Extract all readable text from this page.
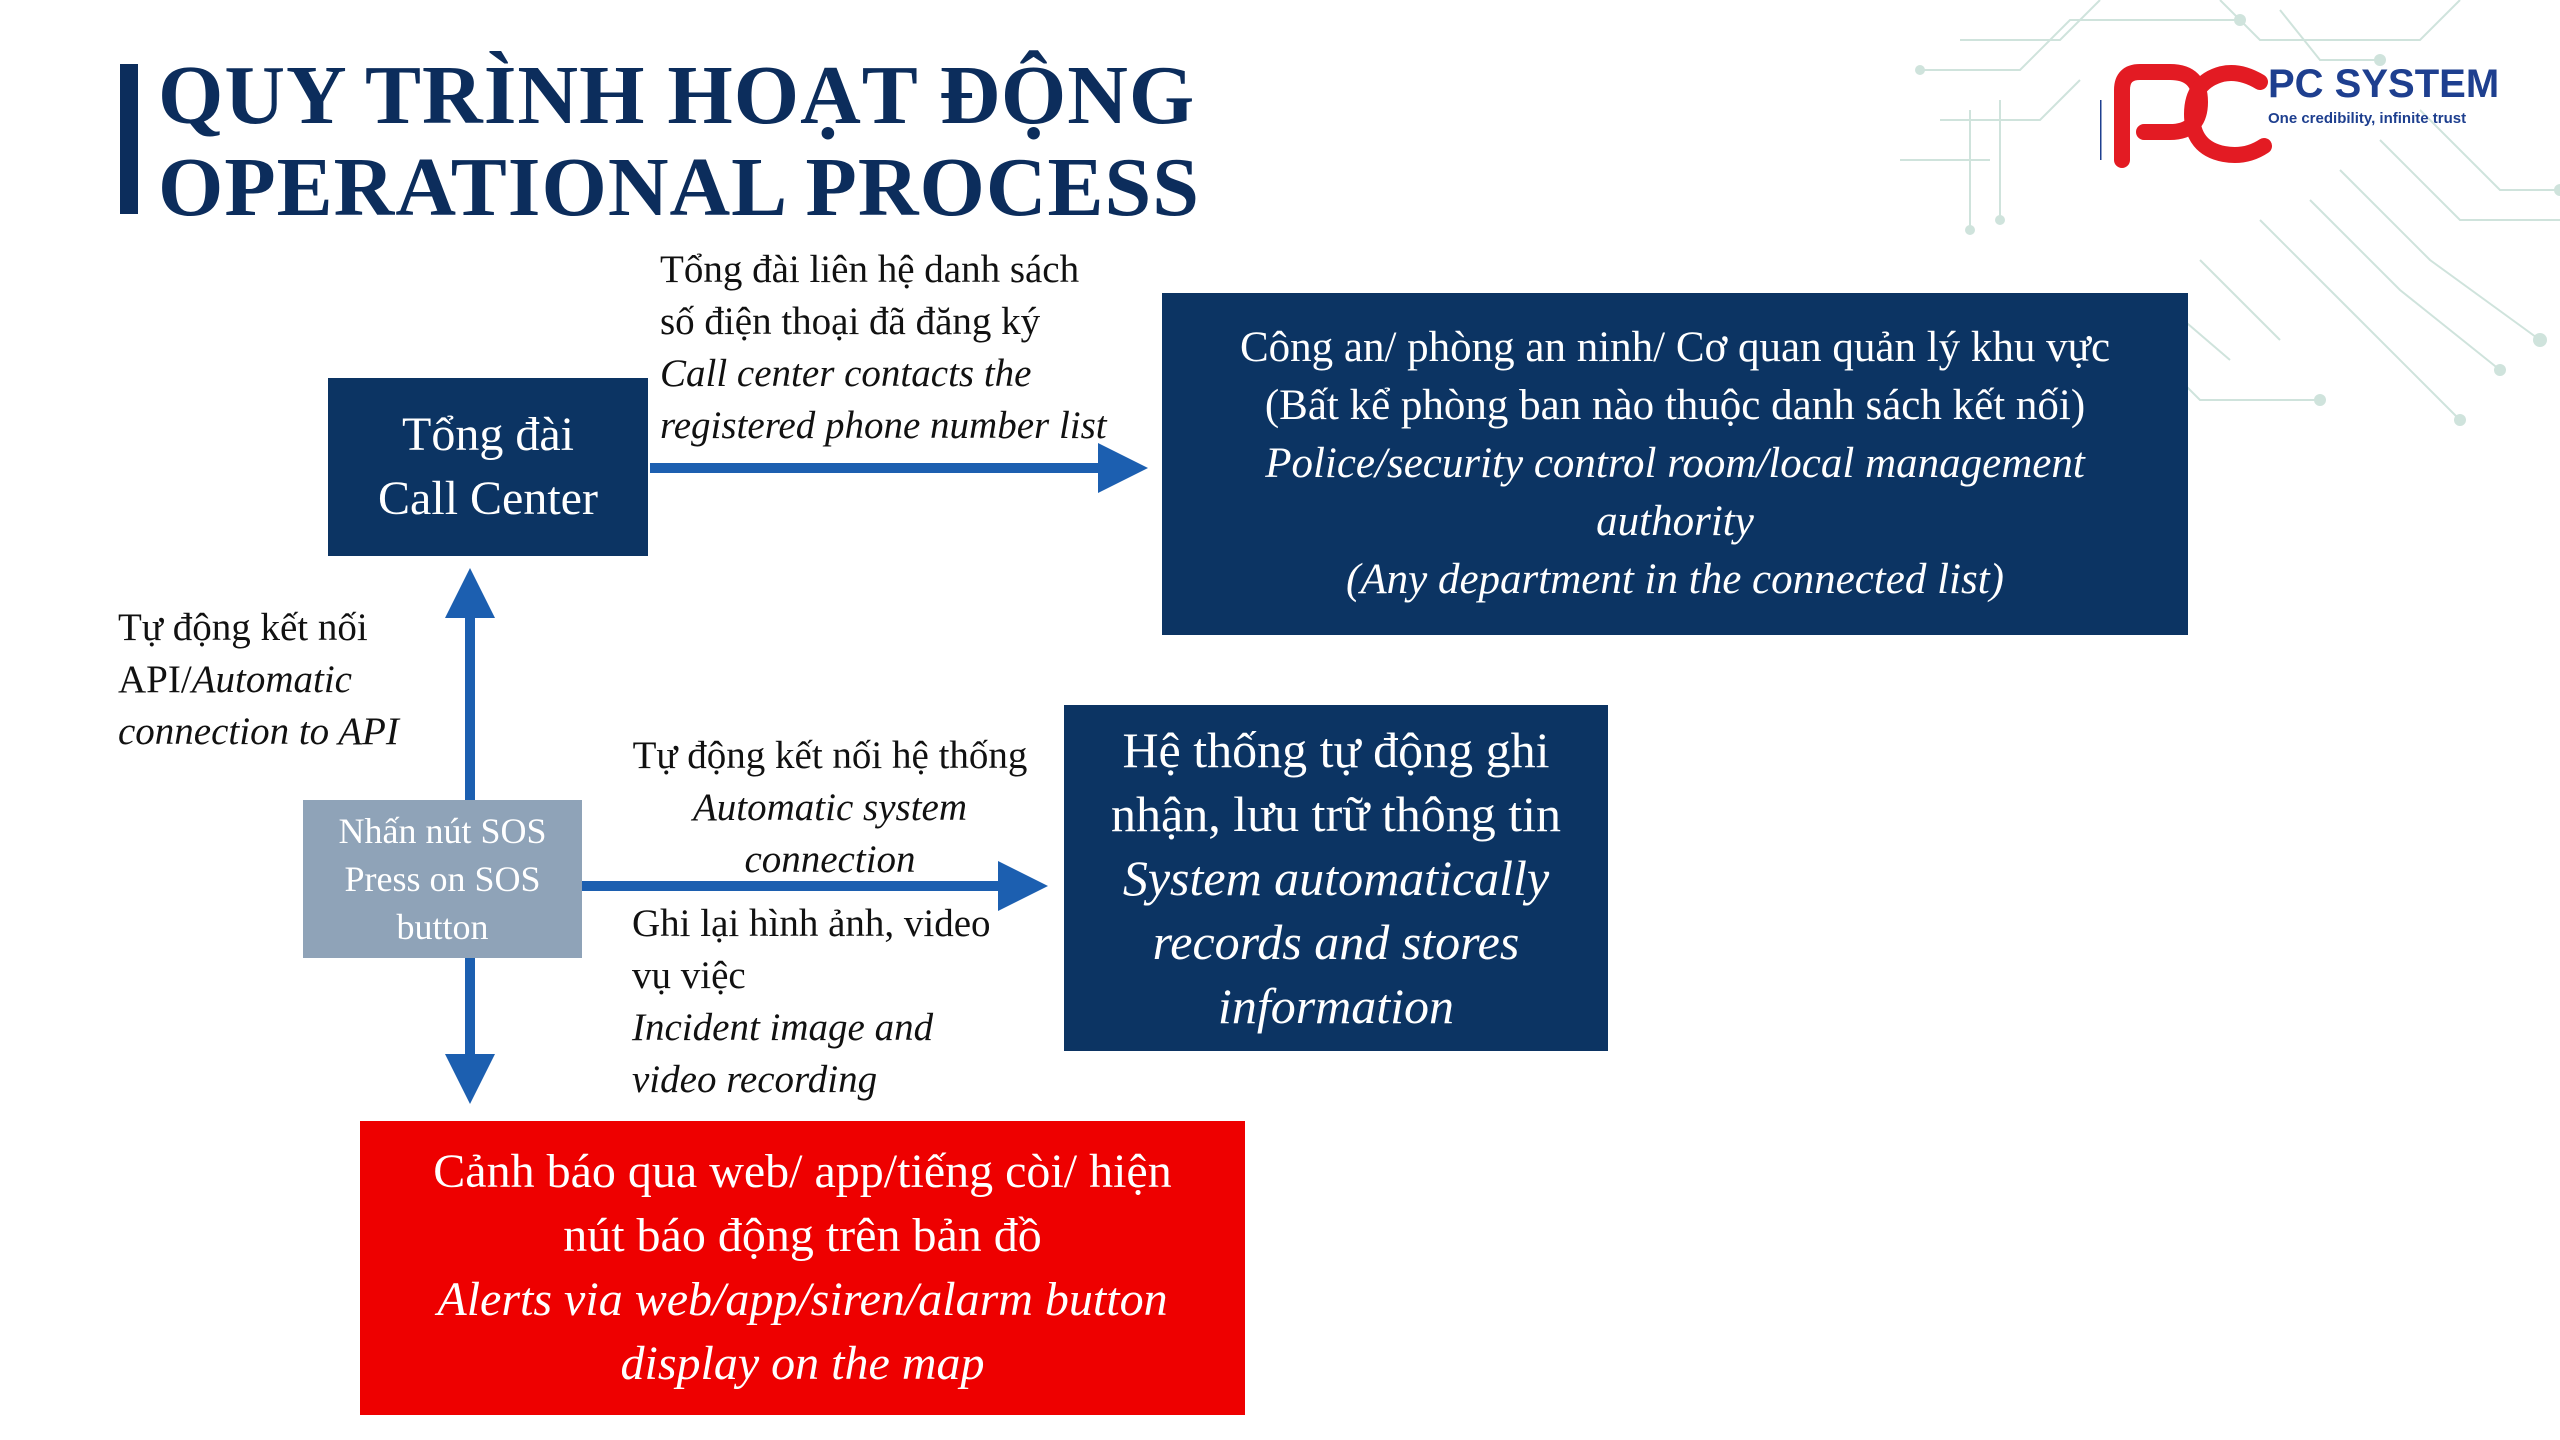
QUY TRÌNH HOẠT ĐỘNG
OPERATIONAL PROCESS
PC SYSTEM
One credibility, infinite trust
Tổng đài
Call Center
Công an/ phòng an ninh/ Cơ quan quản lý khu vực
(Bất kể phòng ban nào thuộc danh sách kết nối)
Police/security control room/local management
authority
(Any department in the connected list)
Nhấn nút SOS
Press on SOS
button
Hệ thống tự động ghi
nhận, lưu trữ thông tin
System automatically
records and stores
information
Cảnh báo qua web/ app/tiếng còi/ hiện
nút báo động trên bản đồ
Alerts via web/app/siren/alarm button
display on the map
Tổng đài liên hệ danh sách
số điện thoại đã đăng ký
Call center contacts the
registered phone number list
Tự động kết nối
API/Automatic
connection to API
Tự động kết nối hệ thống
Automatic system
connection
Ghi lại hình ảnh, video
vụ việc
Incident image and
video recording
